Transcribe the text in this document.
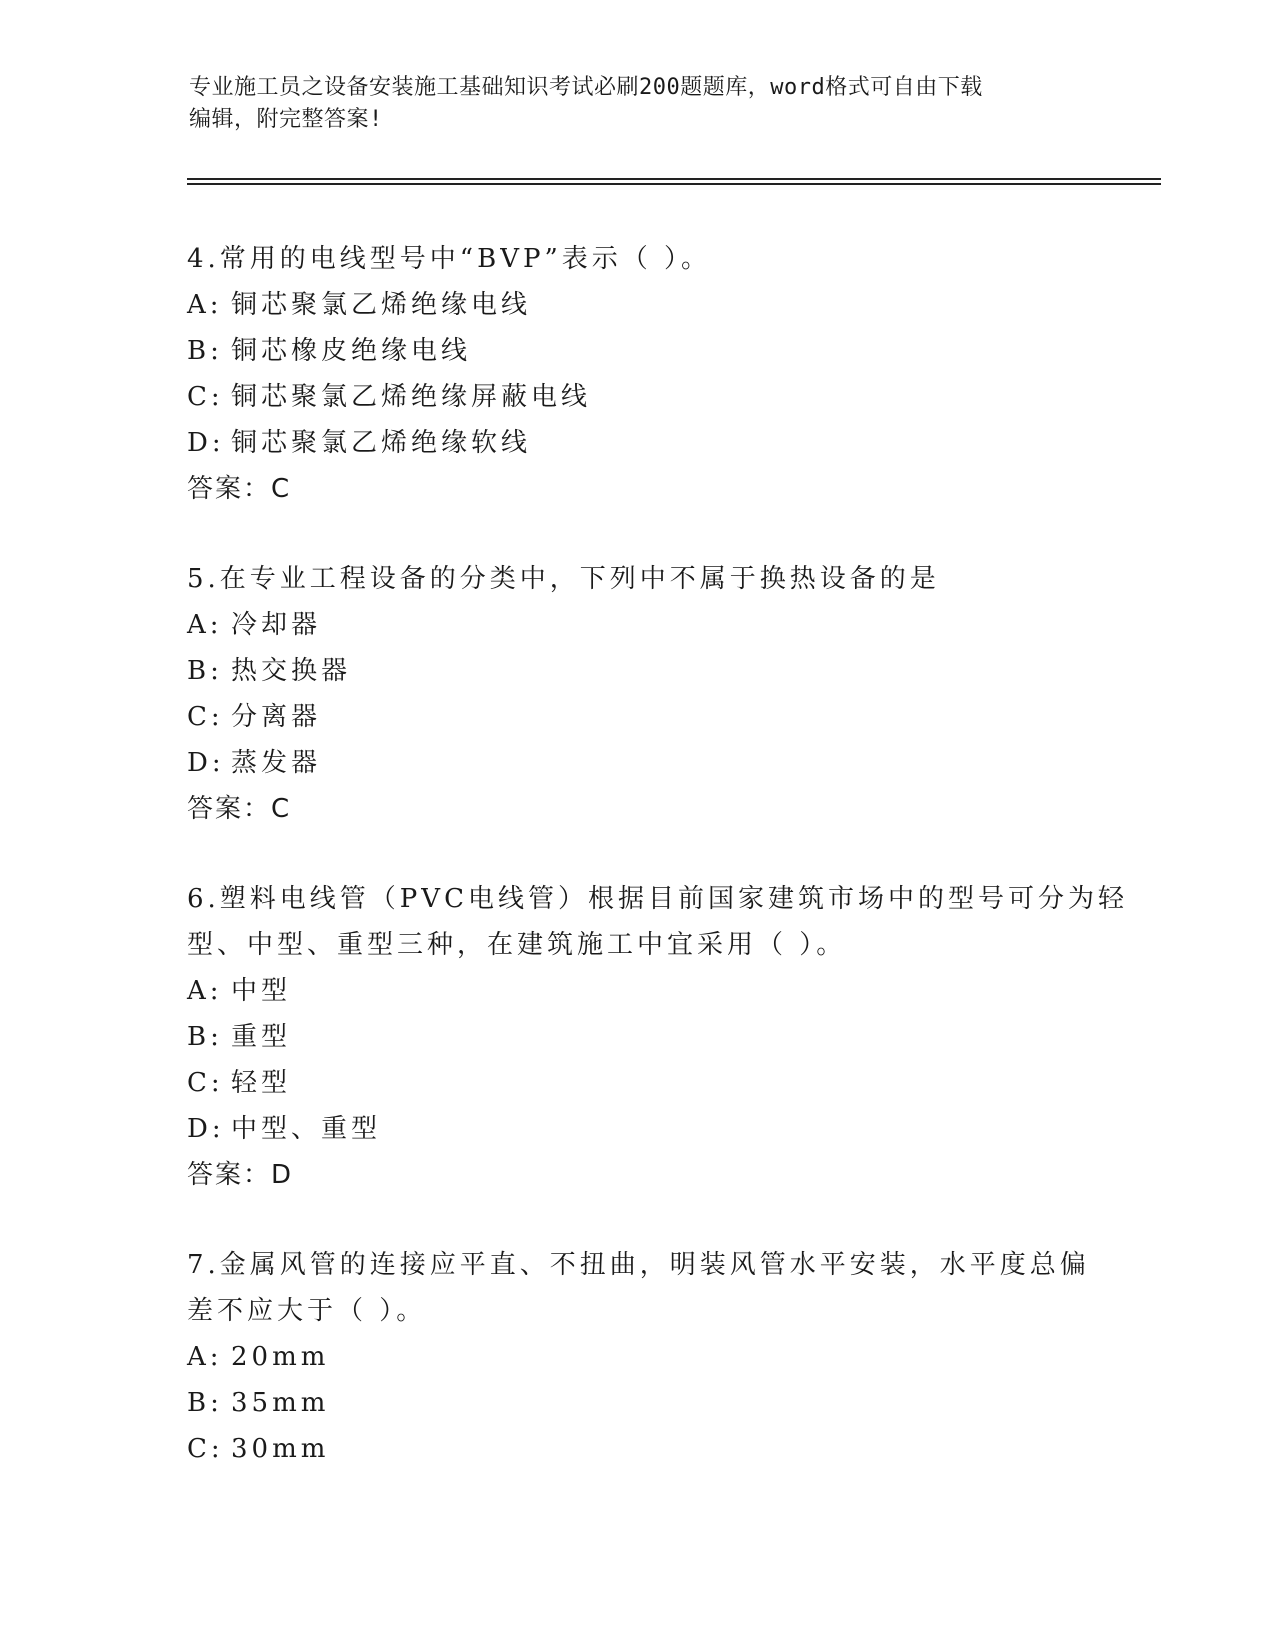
专业施工员之设备安装施工基础知识考试必刷200题题库，word格式可自由下载
编辑，附完整答案!
4.常用的电线型号中“BVP”表示（ ）。
A: 铜芯聚氯乙烯绝缘电线
B: 铜芯橡皮绝缘电线
C: 铜芯聚氯乙烯绝缘屏蔽电线
D: 铜芯聚氯乙烯绝缘软线
答案：C
5.在专业工程设备的分类中，下列中不属于换热设备的是
A: 冷却器
B: 热交换器
C: 分离器
D: 蒸发器
答案：C
6.塑料电线管（PVC电线管）根据目前国家建筑市场中的型号可分为轻
型、中型、重型三种，在建筑施工中宜采用（ ）。
A: 中型
B: 重型
C: 轻型
D: 中型、重型
答案：D
7.金属风管的连接应平直、不扭曲，明装风管水平安装，水平度总偏
差不应大于（ ）。
A: 20mm
B: 35mm
C: 30mm
